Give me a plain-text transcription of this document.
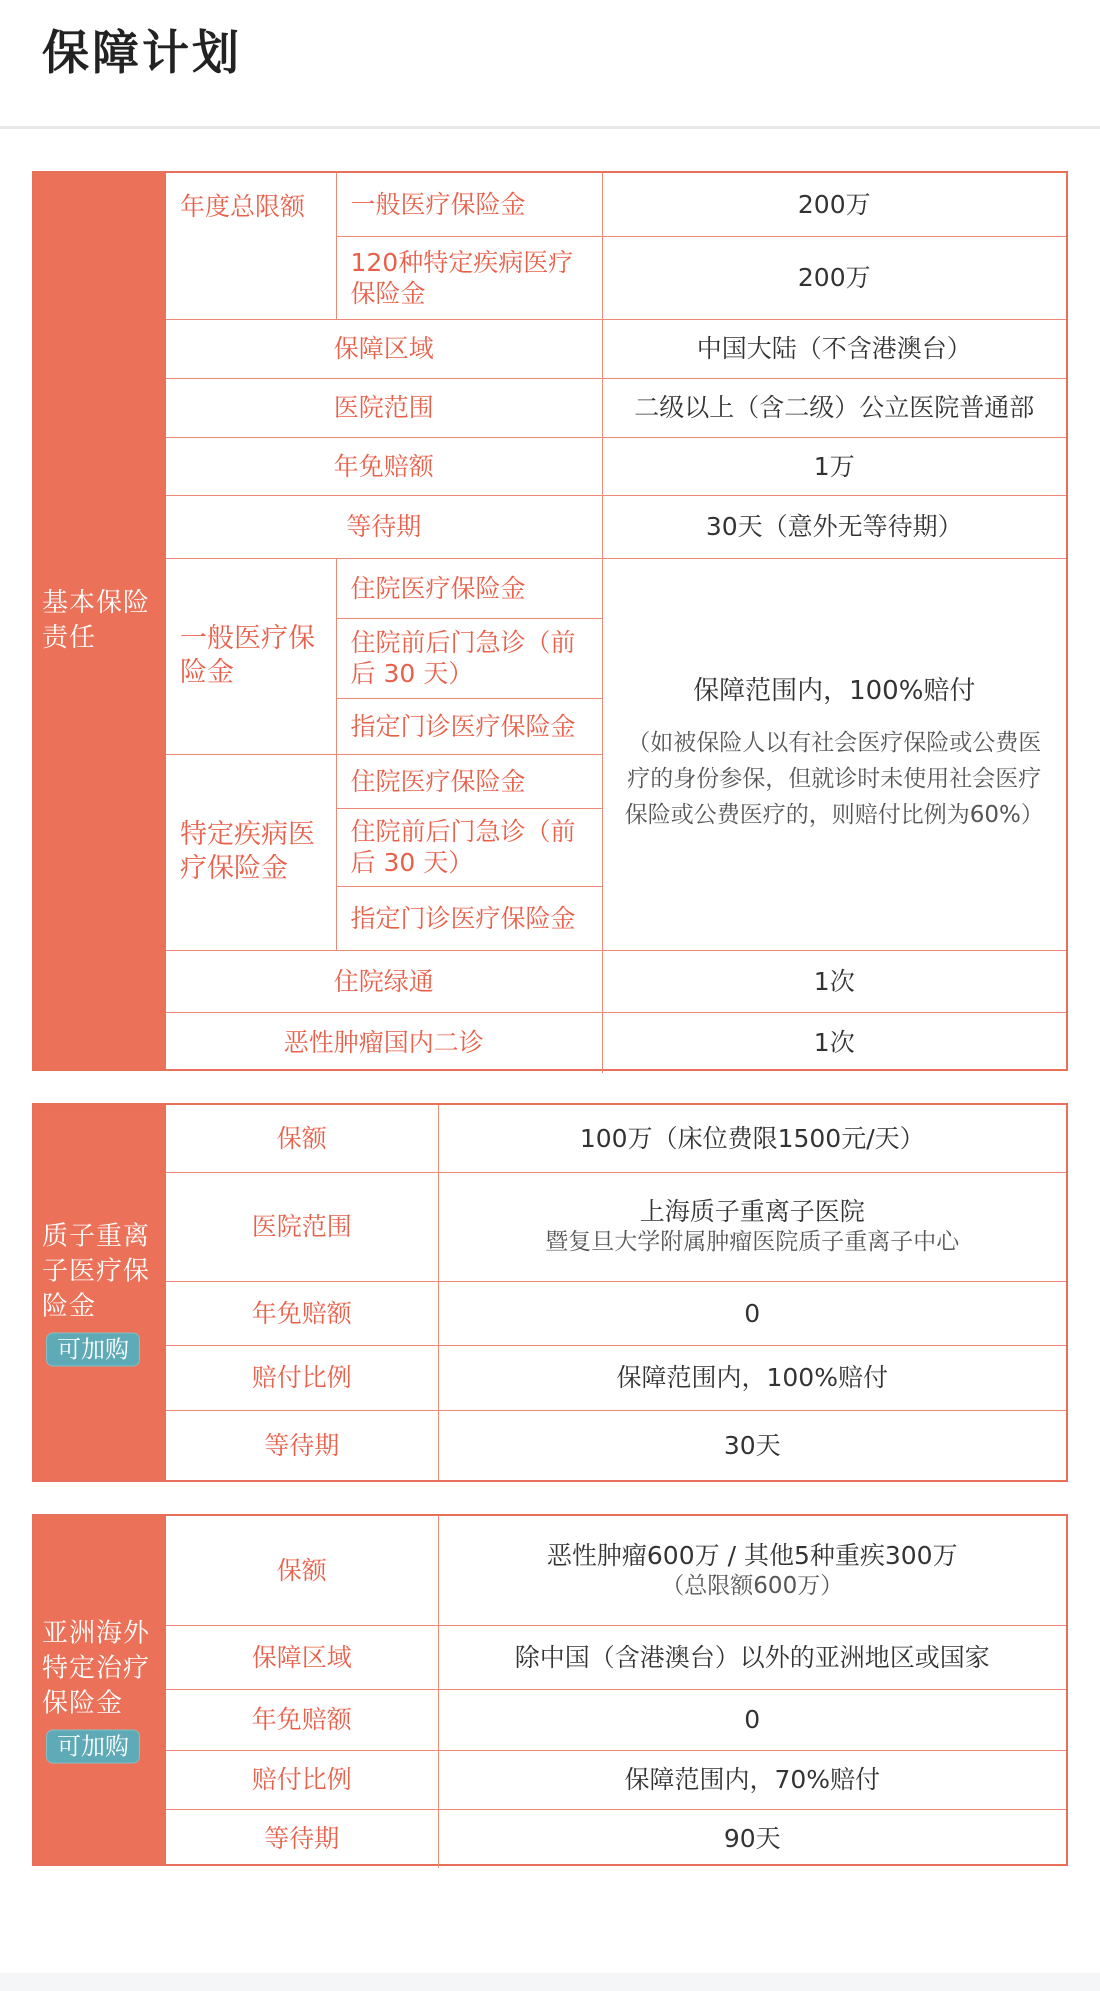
保障计划
基本保险责任
年度总限额	一般医疗保险金	200万
	120种特定疾病医疗保险金	200万
保障区域		中国大陆（不含港澳台）
医院范围		二级以上（含二级）公立医院普通部
年免赔额		1万
等待期		30天（意外无等待期）
一般医疗保险金	住院医疗保险金	保障范围内，100%赔付
（如被保险人以有社会医疗保险或公费医疗的身份参保，但就诊时未使用社会医疗保险或公费医疗的，则赔付比例为60%）

	住院前后门急诊（前后 30 天）	
	指定门诊医疗保险金	
特定疾病医疗保险金	住院医疗保险金	
	住院前后门急诊（前后 30 天）	
	指定门诊医疗保险金	
住院绿通		1次
恶性肿瘤国内二诊		1次
质子重离子医疗保险金
可加购
保额	100万（床位费限1500元/天）
医院范围	上海质子重离子医院
暨复旦大学附属肿瘤医院质子重离子中心

年免赔额	0
赔付比例	保障范围内，100%赔付
等待期	30天
亚洲海外特定治疗保险金
可加购
保额	恶性肿瘤600万 / 其他5种重疾300万
（总限额600万）

保障区域	除中国（含港澳台）以外的亚洲地区或国家
年免赔额	0
赔付比例	保障范围内，70%赔付
等待期	90天
